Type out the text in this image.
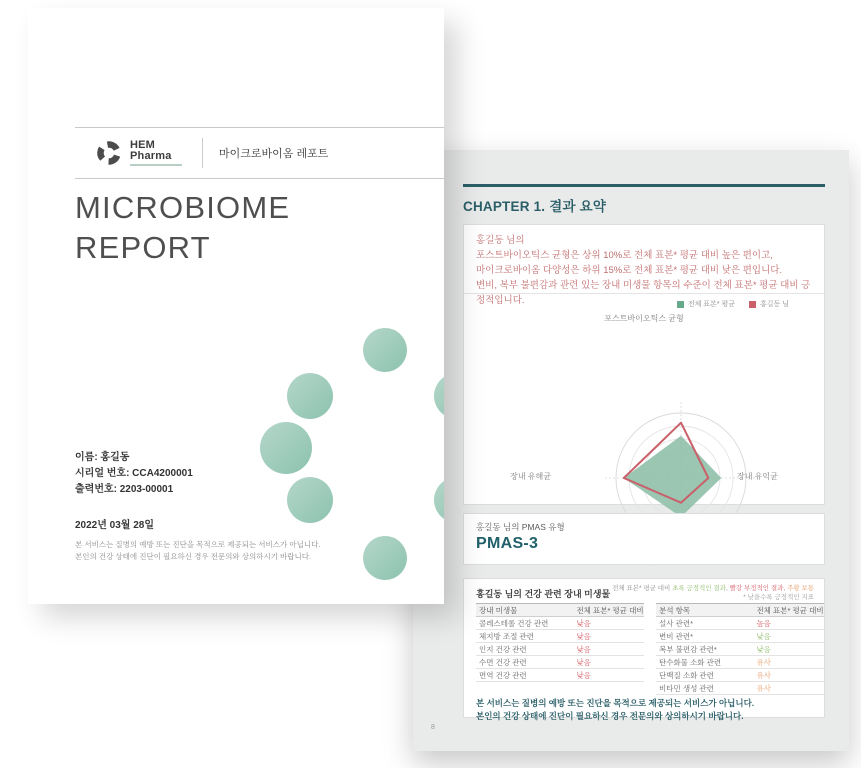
CHAPTER 1. 결과 요약
홍길동 님의
포스트바이오틱스 균형은 상위 10%로 전체 표본* 평균 대비 높은 편이고,
마이크로바이옴 다양성은 하위 15%로 전체 표본* 평균 대비 낮은 편입니다.
변비, 복부 불편감과 관련 있는 장내 미생물 항목의 수준이 전체 표본* 평균 대비 긍정적입니다.	전체 표본* 평균	홍길동 님
포스트바이오틱스 균형
장내 유익균
장내 유해균
홍길동 님의 PMAS 유형
PMAS-3
홍길동 님의 건강 관련 장내 미생물
전체 표본* 평균 대비 초록 긍정적인 결과, 빨강 부정적인 결과, 주황 보통
* 낮을수록 긍정적인 지표
장내 미생물	전체 표본* 평균 대비
콜레스테롤 건강 관련	낮음
체지방 조절 관련	낮음
인지 건강 관련	낮음
수면 건강 관련	낮음
면역 건강 관련	낮음
분석 항목	전체 표본* 평균 대비
설사 관련*	높음
변비 관련*	낮음
복부 불편감 관련*	낮음
탄수화물 소화 관련	유사
단백질 소화 관련	유사
비타민 생성 관련	유사
본 서비스는 질병의 예방 또는 진단을 목적으로 제공되는 서비스가 아닙니다.
본인의 건강 상태에 진단이 필요하신 경우 전문의와 상의하시기 바랍니다.
8
HEM
Pharma	마이크로바이옴 레포트
MICROBIOME
REPORT
이름: 홍길동
시리얼 번호: CCA4200001
출력번호: 2203-00001
2022년 03월 28일
본 서비스는 질병의 예방 또는 진단을 목적으로 제공되는 서비스가 아닙니다.
본인의 건강 상태에 진단이 필요하신 경우 전문의와 상의하시기 바랍니다.
